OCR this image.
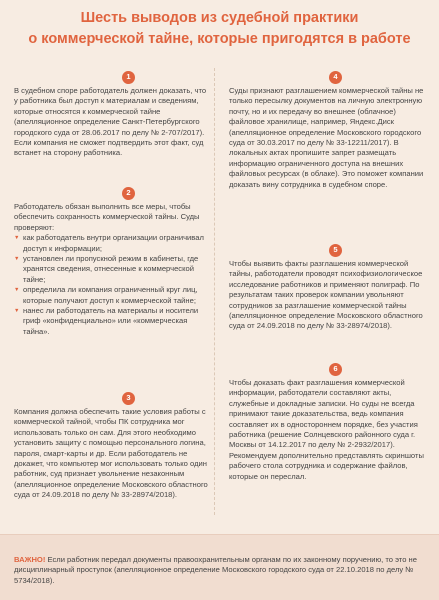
Шесть выводов из судебной практики
о коммерческой тайне, которые пригодятся в работе
1

В судебном споре работодатель должен доказать, что у работника был доступ к материалам и сведениям, которые относятся к коммерческой тайне (апелляционное определение Санкт-Петербургского городского суда от 28.06.2017 по делу № 2-707/2017). Если компания не сможет подтвердить этот факт, суд встанет на сторону работника.

2

Работодатель обязан выполнить все меры, чтобы обеспечить сохранность коммерческой тайны. Суды проверяют:

▼ как работодатель внутри организации ограничивал доступ к информации;
▼ установлен ли пропускной режим в кабинеты, где хранятся сведения, отнесенные к коммерческой тайне;
▼ определила ли компания ограниченный круг лиц, которые получают доступ к коммерческой тайне;
▼ нанес ли работодатель на материалы и носители гриф «конфиденциально» или «коммерческая тайна».
3

Компания должна обеспечить такие условия работы с коммерческой тайной, чтобы ПК сотрудника мог использовать только он сам. Для этого необходимо установить защиту с помощью персонального логина, пароля, смарт-карты и др. Если работодатель не докажет, что компьютер мог использовать только один работник, суд признает увольнение незаконным (апелляционное определение Московского областного суда от 24.09.2018 по делу № 33-28974/2018).

4

Суды признают разглашением коммерческой тайны не только пересылку документов на личную электронную почту, но и их передачу во внешнее (облачное) файловое хранилище, например, Яндекс.Диск (апелляционное определение Московского городского суда от 30.03.2017 по делу № 33-12211/2017). В локальных актах пропишите запрет размещать информацию ограниченного доступа на внешних файловых ресурсах (в облаке). Это поможет компании доказать вину сотрудника в судебном споре.

5

Чтобы выявить факты разглашения коммерческой тайны, работодатели проводят психофизиологическое исследование работников и применяют полиграф. По результатам таких проверок компании увольняют сотрудников за разглашение коммерческой тайны (апелляционное определение Московского областного суда от 24.09.2018 по делу № 33-28974/2018).

6

Чтобы доказать факт разглашения коммерческой информации, работодатели составляют акты, служебные и докладные записки. Но суды не всегда принимают такие доказательства, ведь компания составляет их в одностороннем порядке, без участия работника (решение Солнцевского районного суда г. Москвы от 14.12.2017 по делу № 2-2932/2017). Рекомендуем дополнительно представлять скриншоты рабочего стола сотрудника и содержание файлов, которые он переслал.

ВАЖНО! Если работник передал документы правоохранительным органам по их законному поручению, то это не дисциплинарный проступок (апелляционное определение Московского городского суда от 22.10.2018 по делу № 5734/2018).
